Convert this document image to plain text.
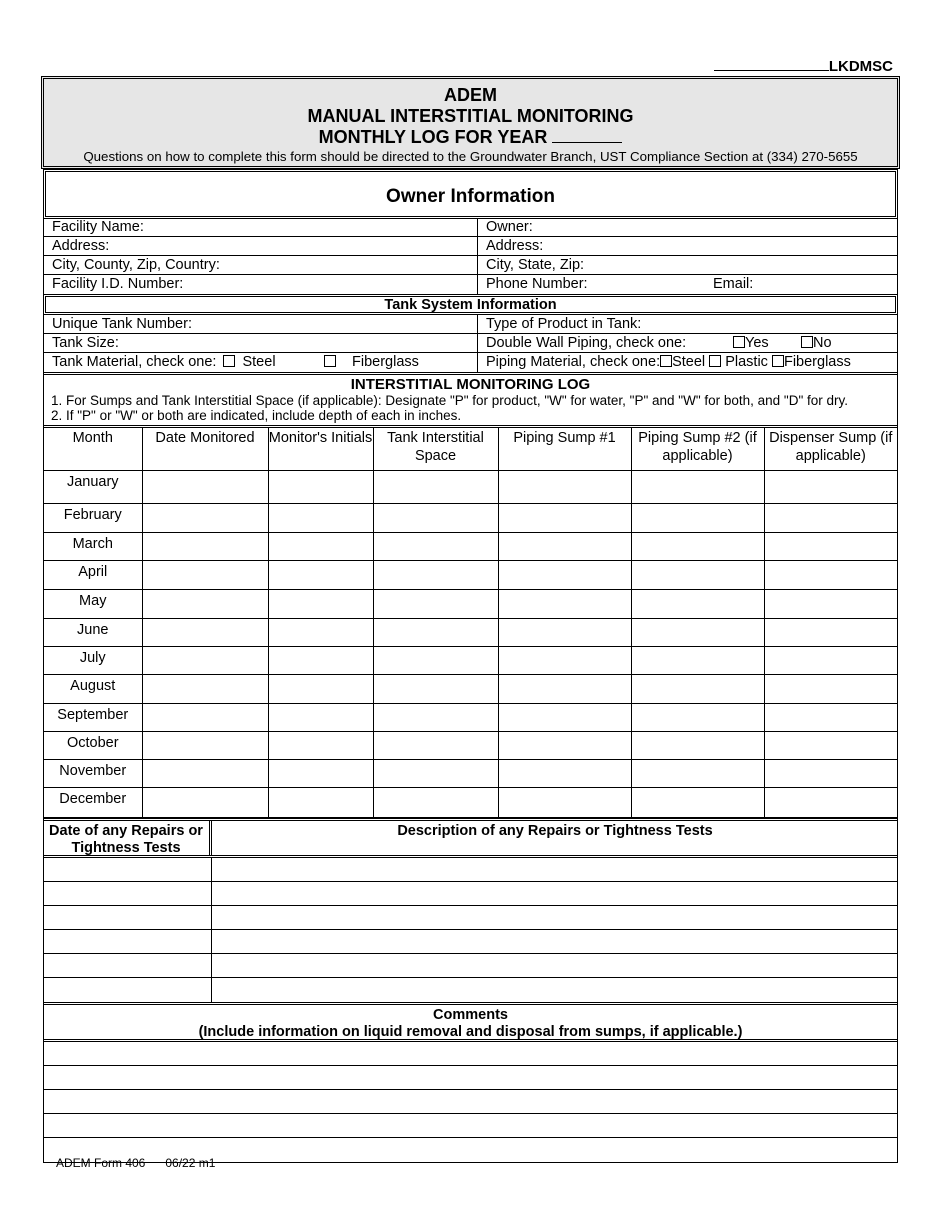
LKDMSC
ADEM
MANUAL INTERSTITIAL MONITORING
MONTHLY LOG FOR YEAR
Questions on how to complete this form should be directed to the Groundwater Branch, UST Compliance Section at (334) 270-5655
Owner Information
Facility Name:	Owner:
Address:	Address:
City, County, Zip, Country:	City, State, Zip:
Facility I.D. Number:	Phone Number:	Email:
Tank System Information
Unique Tank Number:	Type of Product in Tank:
Tank Size:	Double Wall Piping, check one:	Yes	No
Tank Material, check one: Steel	Fiberglass	Piping Material, check one: Steel Plastic Fiberglass
INTERSTITIAL MONITORING LOG
1. For Sumps and Tank Interstitial Space (if applicable): Designate "P" for product, "W" for water, "P" and "W" for both, and "D" for dry.
2. If "P" or "W" or both are indicated, include depth of each in inches.
Month	Date Monitored	Monitor's Initials	Tank Interstitial Space	Piping Sump #1	Piping Sump #2 (if applicable)	Dispenser Sump (if applicable)
January						
February						
March						
April						
May						
June						
July						
August						
September						
October						
November						
December						
Date of any Repairs or Tightness Tests
Description of any Repairs or Tightness Tests
Comments
(Include information on liquid removal and disposal from sumps, if applicable.)
ADEM Form 406 06/22 m1
